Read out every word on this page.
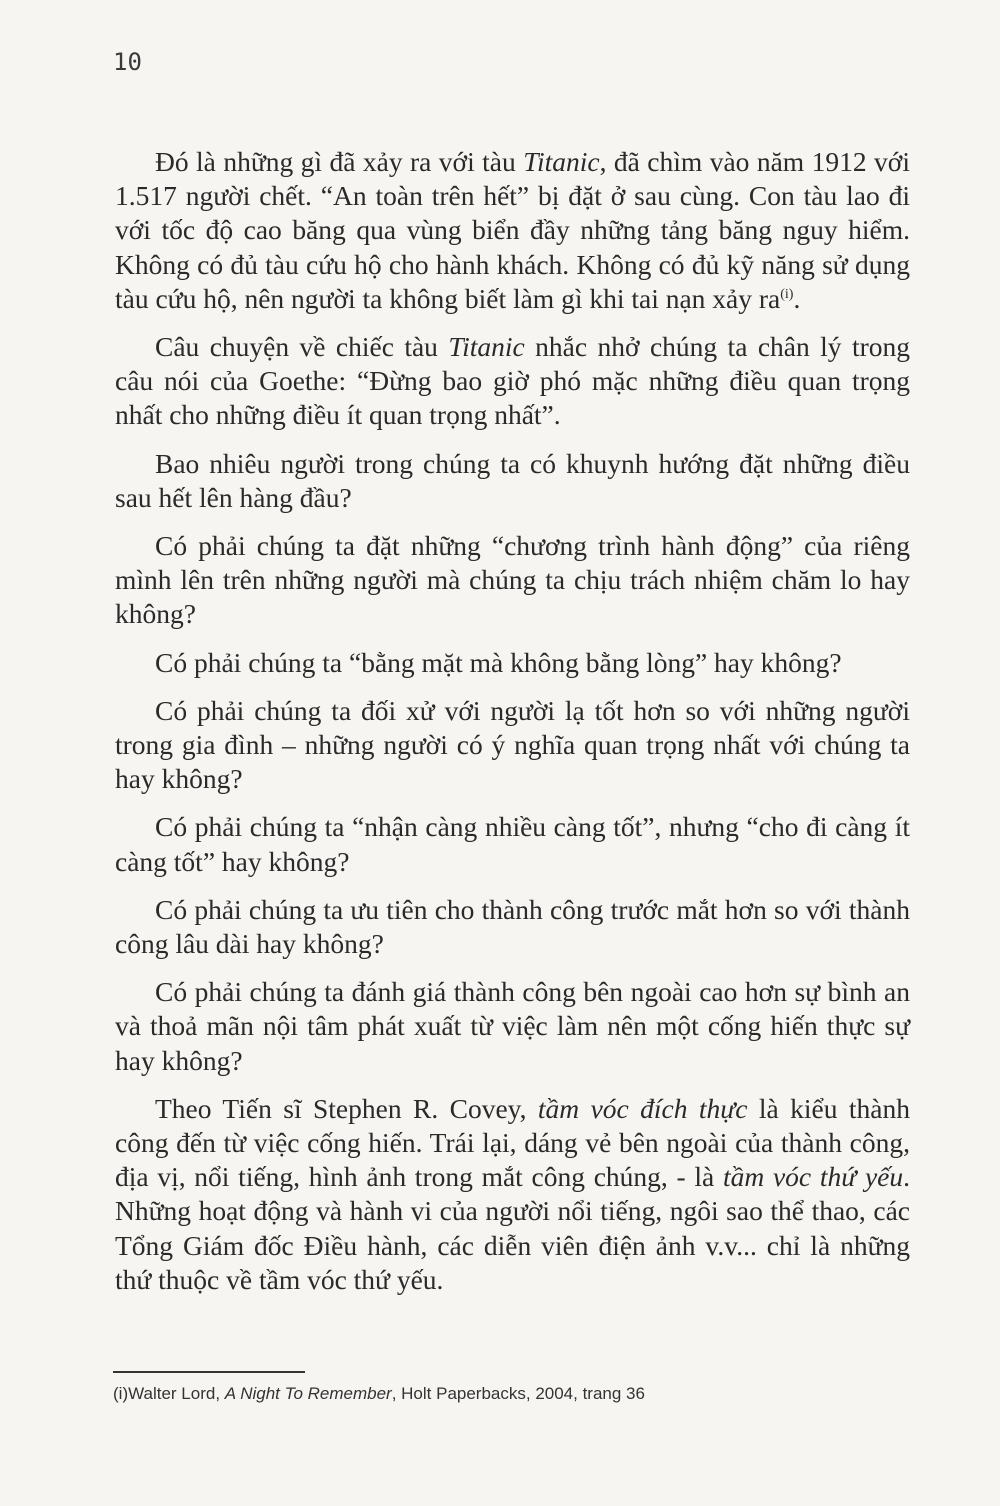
10

Đó là những gì đã xảy ra với tàu Titanic, đã chìm vào năm 1912 với 1.517 người chết. “An toàn trên hết” bị đặt ở sau cùng. Con tàu lao đi với tốc độ cao băng qua vùng biển đầy những tảng băng nguy hiểm. Không có đủ tàu cứu hộ cho hành khách. Không có đủ kỹ năng sử dụng tàu cứu hộ, nên người ta không biết làm gì khi tai nạn xảy ra$^{(i)}$.

Câu chuyện về chiếc tàu Titanic nhắc nhở chúng ta chân lý trong câu nói của Goethe: “Đừng bao giờ phó mặc những điều quan trọng nhất cho những điều ít quan trọng nhất”.

Bao nhiêu người trong chúng ta có khuynh hướng đặt những điều sau hết lên hàng đầu?

Có phải chúng ta đặt những “chương trình hành động” của riêng mình lên trên những người mà chúng ta chịu trách nhiệm chăm lo hay không?

Có phải chúng ta “bằng mặt mà không bằng lòng” hay không?

Có phải chúng ta đối xử với người lạ tốt hơn so với những người trong gia đình – những người có ý nghĩa quan trọng nhất với chúng ta hay không?

Có phải chúng ta “nhận càng nhiều càng tốt”, nhưng “cho đi càng ít càng tốt” hay không?

Có phải chúng ta ưu tiên cho thành công trước mắt hơn so với thành công lâu dài hay không?

Có phải chúng ta đánh giá thành công bên ngoài cao hơn sự bình an và thoả mãn nội tâm phát xuất từ việc làm nên một cống hiến thực sự hay không?

Theo Tiến sĩ Stephen R. Covey, tầm vóc đích thực là kiểu thành công đến từ việc cống hiến. Trái lại, dáng vẻ bên ngoài của thành công, địa vị, nổi tiếng, hình ảnh trong mắt công chúng, - là tầm vóc thứ yếu. Những hoạt động và hành vi của người nổi tiếng, ngôi sao thể thao, các Tổng Giám đốc Điều hành, các diễn viên điện ảnh v.v... chỉ là những thứ thuộc về tầm vóc thứ yếu.

(i)Walter Lord, A Night To Remember, Holt Paperbacks, 2004, trang 36
